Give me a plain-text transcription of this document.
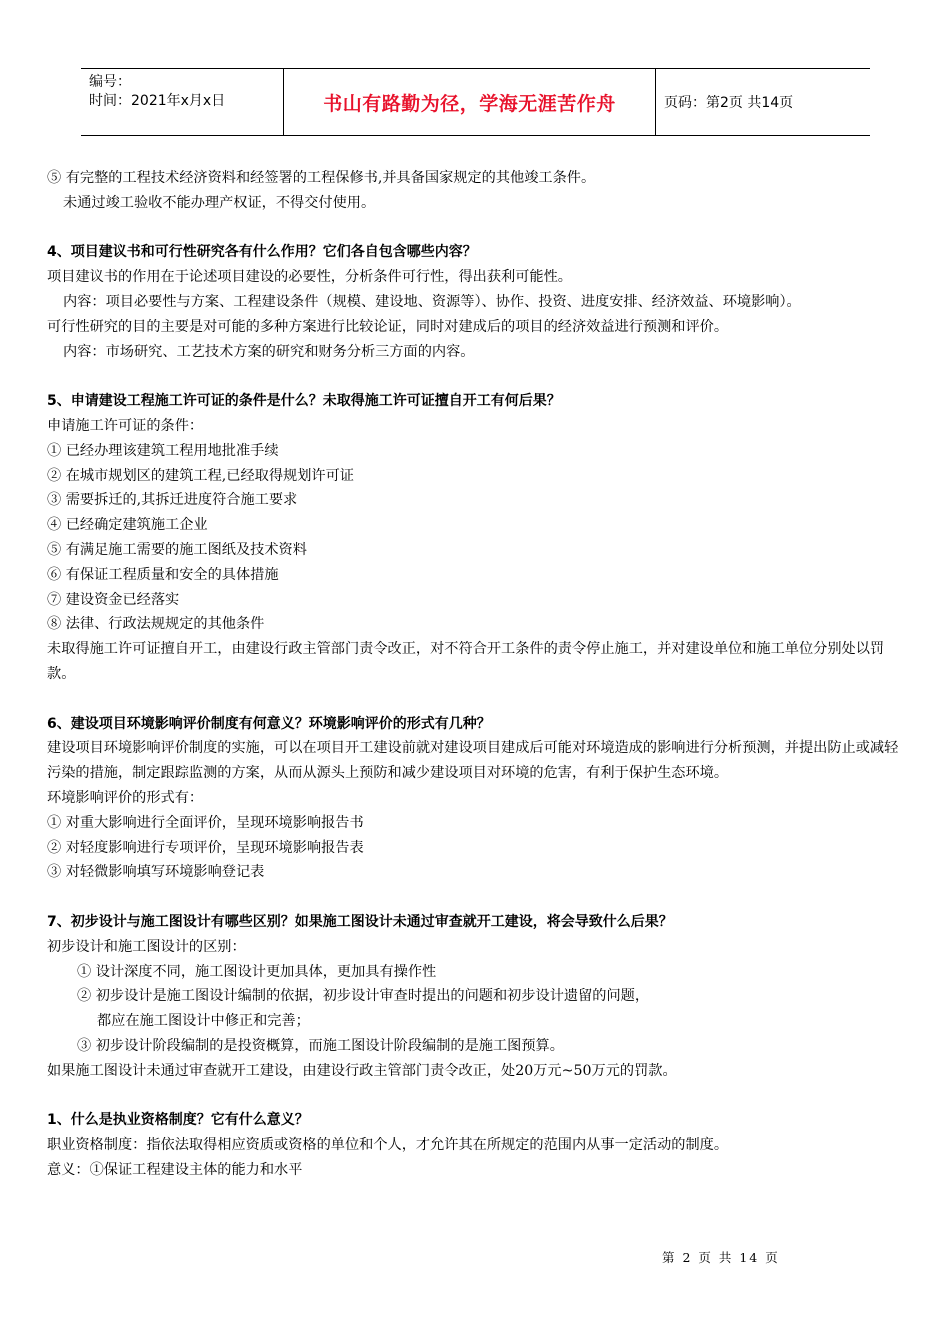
编号：
时间：2021年x月x日	书山有路勤为径，学海无涯苦作舟	页码：第2页 共14页

⑤ 有完整的工程技术经济资料和经签署的工程保修书,并具备国家规定的其他竣工条件。

未通过竣工验收不能办理产权证，不得交付使用。

4、项目建议书和可行性研究各有什么作用？它们各自包含哪些内容？

项目建议书的作用在于论述项目建设的必要性，分析条件可行性，得出获利可能性。

内容：项目必要性与方案、工程建设条件（规模、建设地、资源等）、协作、投资、进度安排、经济效益、环境影响）。

可行性研究的目的主要是对可能的多种方案进行比较论证，同时对建成后的项目的经济效益进行预测和评价。

内容：市场研究、工艺技术方案的研究和财务分析三方面的内容。

5、申请建设工程施工许可证的条件是什么？未取得施工许可证擅自开工有何后果？

申请施工许可证的条件：

① 已经办理该建筑工程用地批准手续

② 在城市规划区的建筑工程,已经取得规划许可证

③ 需要拆迁的,其拆迁进度符合施工要求

④ 已经确定建筑施工企业

⑤ 有满足施工需要的施工图纸及技术资料

⑥ 有保证工程质量和安全的具体措施

⑦ 建设资金已经落实

⑧ 法律、行政法规规定的其他条件

未取得施工许可证擅自开工，由建设行政主管部门责令改正，对不符合开工条件的责令停止施工，并对建设单位和施工单位分别处以罚款。

6、建设项目环境影响评价制度有何意义？环境影响评价的形式有几种？

建设项目环境影响评价制度的实施，可以在项目开工建设前就对建设项目建成后可能对环境造成的影响进行分析预测，并提出防止或减轻污染的措施，制定跟踪监测的方案，从而从源头上预防和减少建设项目对环境的危害，有利于保护生态环境。

环境影响评价的形式有：

① 对重大影响进行全面评价，呈现环境影响报告书

② 对轻度影响进行专项评价，呈现环境影响报告表

③ 对轻微影响填写环境影响登记表

7、初步设计与施工图设计有哪些区别？如果施工图设计未通过审查就开工建设，将会导致什么后果？

初步设计和施工图设计的区别：

① 设计深度不同，施工图设计更加具体，更加具有操作性

② 初步设计是施工图设计编制的依据，初步设计审查时提出的问题和初步设计遗留的问题，

都应在施工图设计中修正和完善；

③ 初步设计阶段编制的是投资概算，而施工图设计阶段编制的是施工图预算。

如果施工图设计未通过审查就开工建设，由建设行政主管部门责令改正，处20万元~50万元的罚款。

1、什么是执业资格制度？它有什么意义？

职业资格制度：指依法取得相应资质或资格的单位和个人，才允许其在所规定的范围内从事一定活动的制度。

意义：①保证工程建设主体的能力和水平

第 2 页 共 14 页
